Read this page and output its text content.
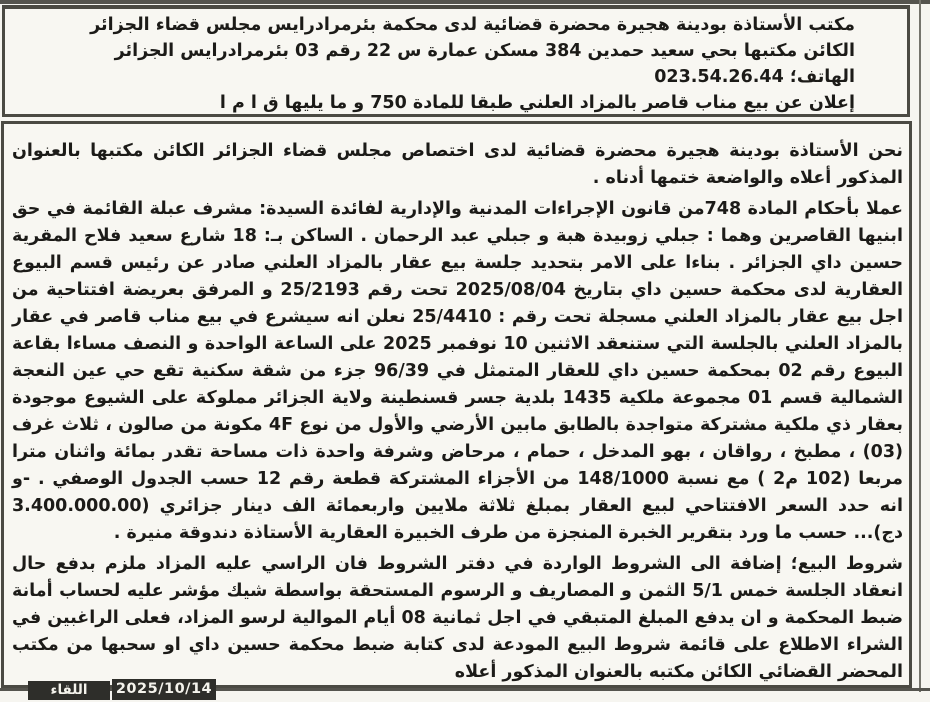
مكتب الأستاذة بودينة هجيرة محضرة قضائية لدى محكمة بئرمرادرايس مجلس قضاء الجزائر
الكائن مكتبها بحي سعيد حمدين 384 مسكن عمارة س 22 رقم 03 بئرمرادرايس الجزائر
الهاتف؛ 023.54.26.44
إعلان عن بيع مناب قاصر بالمزاد العلني طبقا للمادة 750 و ما يليها ق ا م ا

نحن الأستاذة بودينة هجيرة محضرة قضائية لدى اختصاص مجلس قضاء الجزائر الكائن مكتبها بالعنوان المذكور أعلاه والواضعة ختمها أدناه .

عملا بأحكام المادة 748من قانون الإجراءات المدنية والإدارية لفائدة السيدة: مشرف عبلة القائمة في حق ابنيها القاصرين وهما : جبلي زوبيدة هبة و جبلي عبد الرحمان . الساكن بـ: 18 شارع سعيد فلاح المقرية حسين داي الجزائر . بناءا على الامر بتحديد جلسة بيع عقار بالمزاد العلني صادر عن رئيس قسم البيوع العقارية لدى محكمة حسين داي بتاريخ 2025/08/04 تحت رقم 25/2193 و المرفق بعريضة افتتاحية من اجل بيع عقار بالمزاد العلني مسجلة تحت رقم : 25/4410 نعلن انه سيشرع في بيع مناب قاصر في عقار بالمزاد العلني بالجلسة التي ستنعقد الاثنين 10 نوفمبر 2025 على الساعة الواحدة و النصف مساءا بقاعة البيوع رقم 02 بمحكمة حسين داي للعقار المتمثل في 96/39 جزء من شقة سكنية تقع حي عين النعجة الشمالية قسم 01 مجموعة ملكية 1435 بلدية جسر قسنطينة ولاية الجزائر مملوكة على الشيوع موجودة بعقار ذي ملكية مشتركة متواجدة بالطابق مابين الأرضي والأول من نوع 4F مكونة من صالون ، ثلاث غرف (03) ، مطبخ ، رواقان ، بهو المدخل ، حمام ، مرحاض وشرفة واحدة ذات مساحة تقدر بمائة واثنان مترا مربعا (102 م2 ) مع نسبة 148/1000 من الأجزاء المشتركة قطعة رقم 12 حسب الجدول الوصفي . -و انه حدد السعر الافتتاحي لبيع العقار بمبلغ ثلاثة ملايين واربعمائة الف دينار جزائري (3.400.000.00 دج)... حسب ما ورد بتقرير الخبرة المنجزة من طرف الخبيرة العقارية الأستاذة دندوقة منيرة .

شروط البيع؛ إضافة الى الشروط الواردة في دفتر الشروط فان الراسي عليه المزاد ملزم بدفع حال انعقاد الجلسة خمس 5/1 الثمن و المصاريف و الرسوم المستحقة بواسطة شيك مؤشر عليه لحساب أمانة ضبط المحكمة و ان يدفع المبلغ المتبقي في اجل ثمانية 08 أيام الموالية لرسو المزاد، فعلى الراغبين في الشراء الاطلاع على قائمة شروط البيع المودعة لدى كتابة ضبط محكمة حسين داي او سحبها من مكتب المحضر القضائي الكائن مكتبه بالعنوان المذكور أعلاه

اللقاء	2025/10/14
